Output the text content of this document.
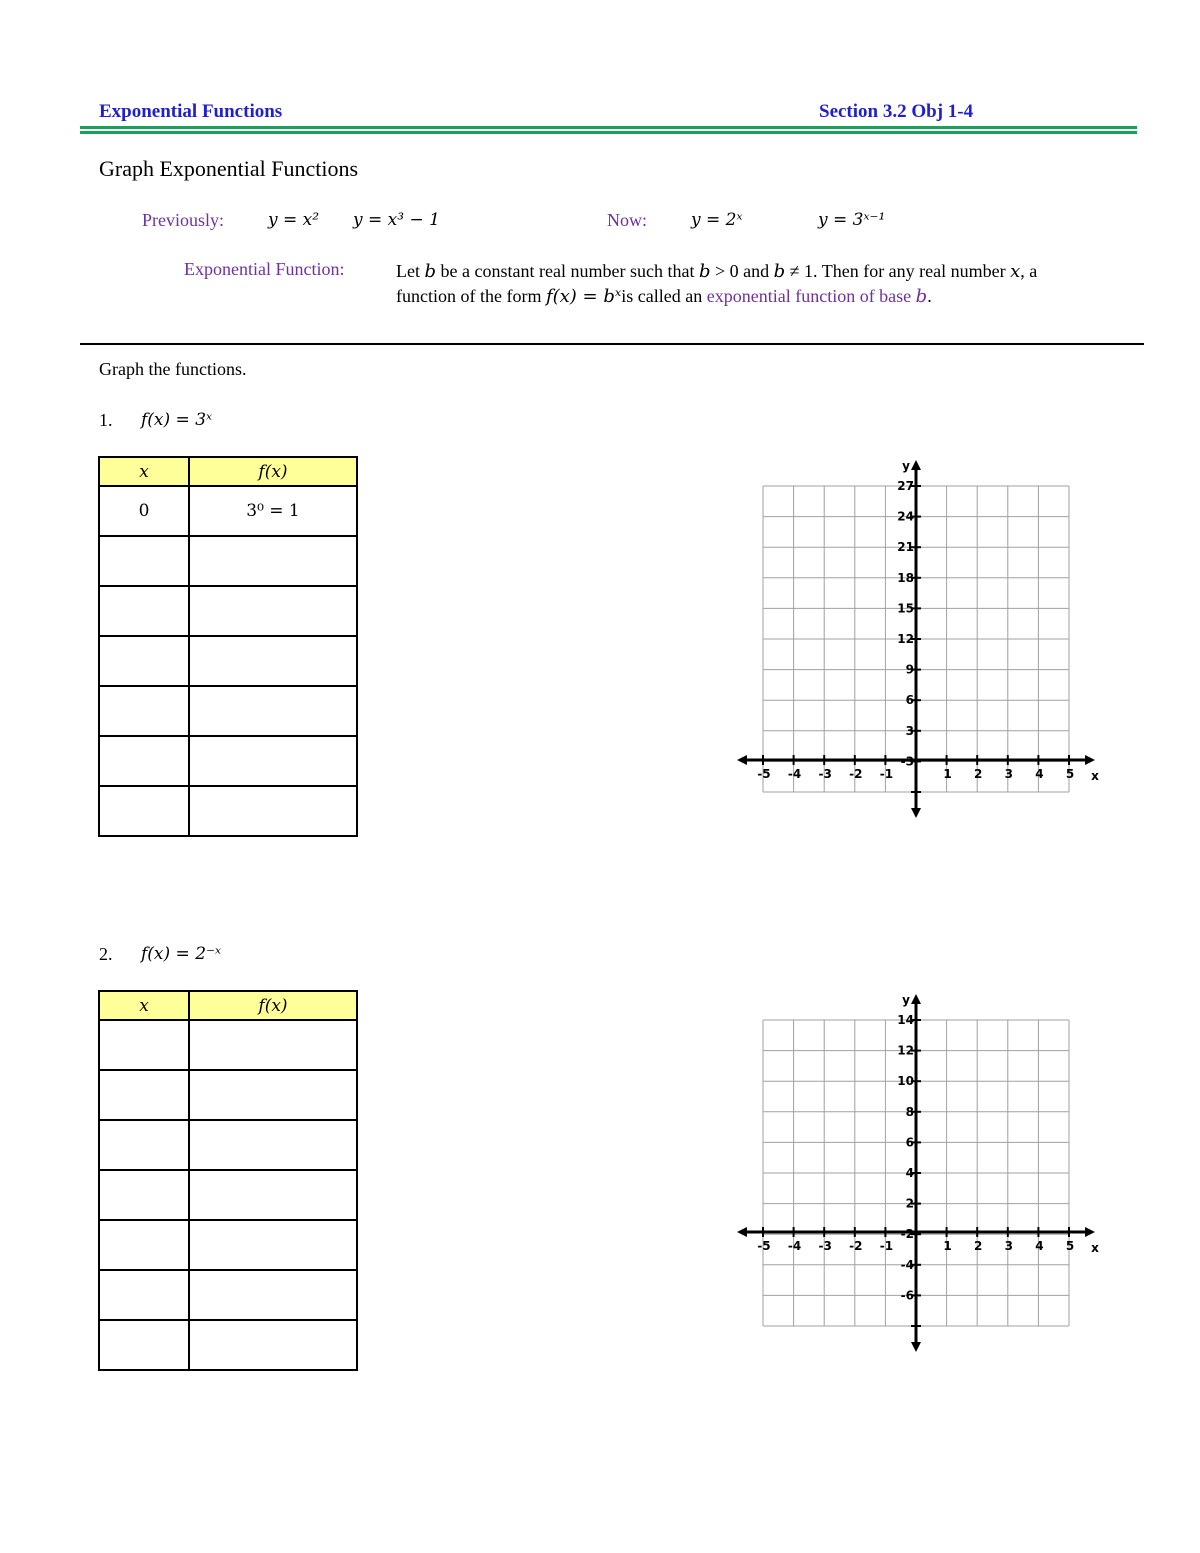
Exponential Functions	Section 3.2 Obj 1-4
Graph Exponential Functions
Previously:	y = x² y = x³ − 1	Now:	y = 2ˣ	y = 3ˣ⁻¹
Exponential Function:	Let b be a constant real number such that b > 0 and b ≠ 1. Then for any real number x, a function of the form f(x) = bˣis called an exponential function of base b.
Graph the functions.
1. f(x) = 3ˣ
x	f(x)
0	3⁰ = 1

-5 -4 -3 -2 -1	1 2 3 4 5
27
24
21
18
15
12
9
6
3
-3
x
y
2. f(x) = 2⁻ˣ
x	f(x)

-5 -4 -3 -2 -1	1 2 3 4 5
14
12
10
8
6
4
2
-2
-4
-6
x
y
